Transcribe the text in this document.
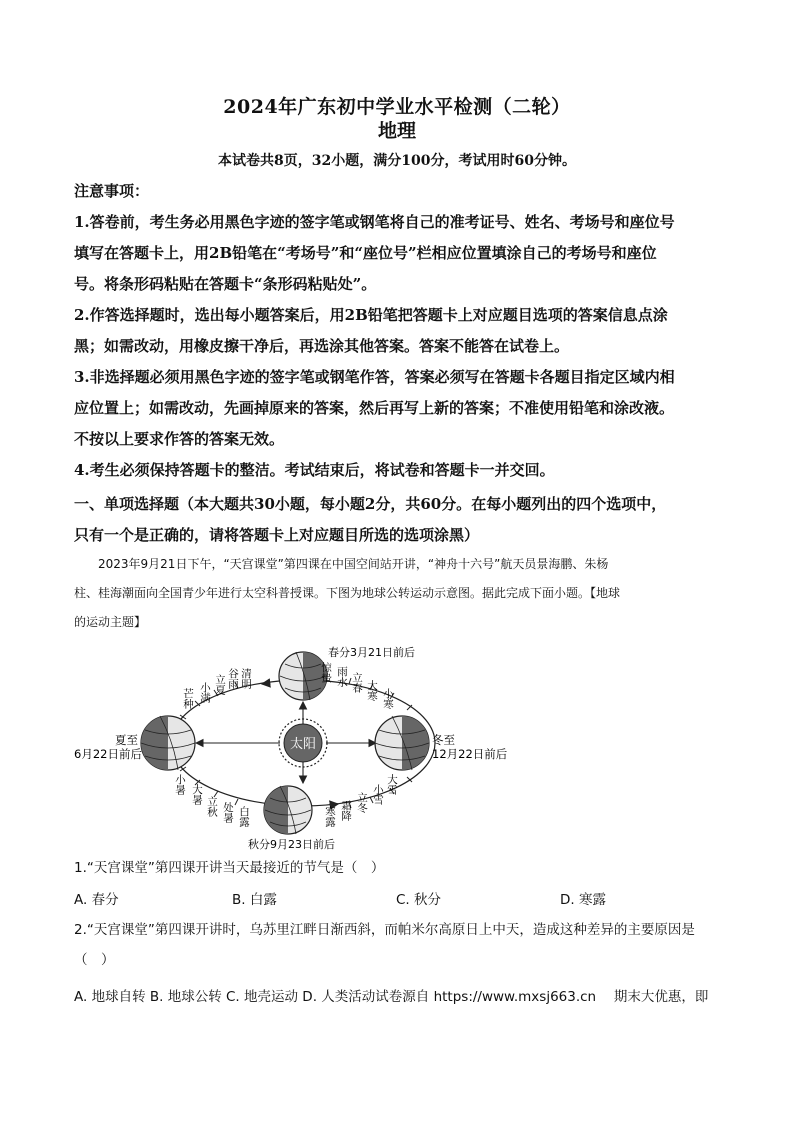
2024年广东初中学业水平检测（二轮）
地理
本试卷共8页，32小题，满分100分，考试用时60分钟。
注意事项：
1.答卷前，考生务必用黑色字迹的签字笔或钢笔将自己的准考证号、姓名、考场号和座位号
填写在答题卡上，用2B铅笔在“考场号”和“座位号”栏相应位置填涂自己的考场号和座位
号。将条形码粘贴在答题卡“条形码粘贴处”。
2.作答选择题时，选出每小题答案后，用2B铅笔把答题卡上对应题目选项的答案信息点涂
黑；如需改动，用橡皮擦干净后，再选涂其他答案。答案不能答在试卷上。
3.非选择题必须用黑色字迹的签字笔或钢笔作答，答案必须写在答题卡各题目指定区域内相
应位置上；如需改动，先画掉原来的答案，然后再写上新的答案；不准使用铅笔和涂改液。
不按以上要求作答的答案无效。
4.考生必须保持答题卡的整洁。考试结束后，将试卷和答题卡一并交回。
一、单项选择题（本大题共30小题，每小题2分，共60分。在每小题列出的四个选项中，
只有一个是正确的，请将答题卡上对应题目所选的选项涂黑）
2023年9月21日下午，“天宫课堂”第四课在中国空间站开讲，“神舟十六号”航天员景海鹏、朱杨
柱、桂海潮面向全国青少年进行太空科普授课。下图为地球公转运动示意图。据此完成下面小题。【地球
的运动主题】
太阳
春分3月21日前后
夏至
6月22日前后
冬至
12月22日前后
秋分9月23日前后
清明
谷雨
立夏
小满
芒种
惊蛰 雨水 立春 大寒 小寒
小暑 大暑
立秋 处暑 白露	寒露 霜降 立冬 小雪 大雪
1.“天宫课堂”第四课开讲当天最接近的节气是（　）
A. 春分	B. 白露	C. 秋分	D. 寒露
2.“天宫课堂”第四课开讲时，乌苏里江畔日渐西斜，而帕米尔高原日上中天，造成这种差异的主要原因是
（　）
A. 地球自转 B. 地球公转 C. 地壳运动 D. 人类活动试卷源自 https://www.mxsj663.cn　 期末大优惠，即
